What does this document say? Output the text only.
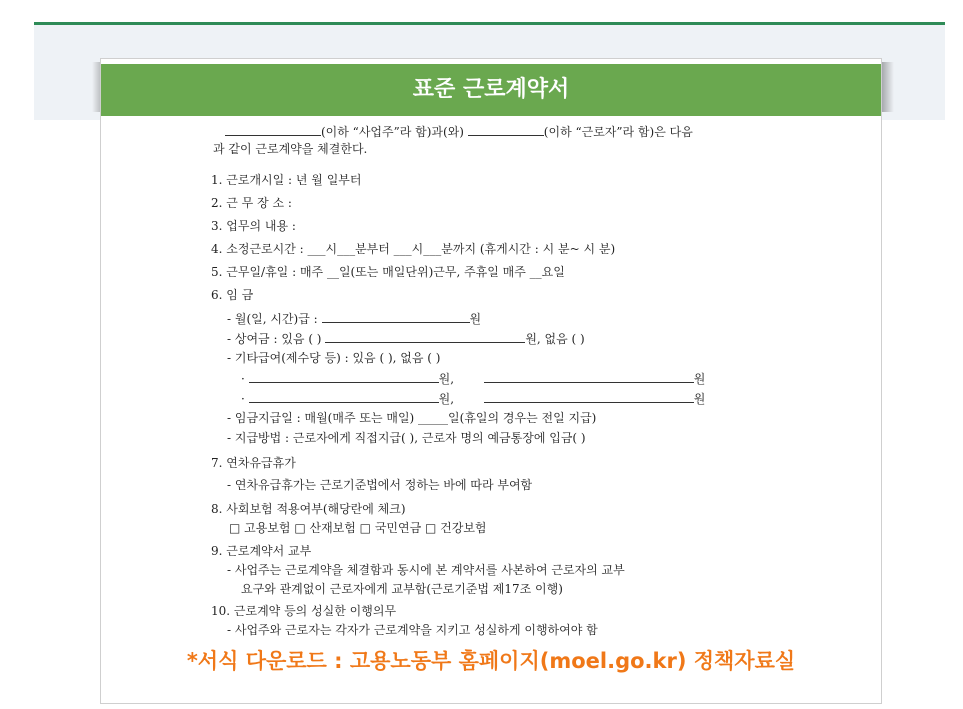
표준 근로계약서
(이하 “사업주”라 함)과(와)	(이하 “근로자”라 함)은 다음
과 같이 근로계약을 체결한다.
1. 근로개시일 : 년 월 일부터
2. 근 무 장 소 :
3. 업무의 내용 :
4. 소정근로시간 : ___시___분부터 ___시___분까지 (휴게시간 : 시 분~ 시 분)
5. 근무일/휴일 : 매주 __일(또는 매일단위)근무, 주휴일 매주 __요일
6. 임 금
- 월(일, 시간)급 :	원
- 상여금 : 있음 ( )	원, 없음 ( )
- 기타급여(제수당 등) : 있음 ( ), 없음 ( )
·	원,	원
·	원,	원
- 임금지급일 : 매월(매주 또는 매일) _____일(휴일의 경우는 전일 지급)
- 지급방법 : 근로자에게 직접지급( ), 근로자 명의 예금통장에 입금( )
7. 연차유급휴가
- 연차유급휴가는 근로기준법에서 정하는 바에 따라 부여함
8. 사회보험 적용여부(해당란에 체크)
□ 고용보험 □ 산재보험 □ 국민연금 □ 건강보험
9. 근로계약서 교부
- 사업주는 근로계약을 체결함과 동시에 본 계약서를 사본하여 근로자의 교부
요구와 관계없이 근로자에게 교부함(근로기준법 제17조 이행)
10. 근로계약 등의 성실한 이행의무
- 사업주와 근로자는 각자가 근로계약을 지키고 성실하게 이행하여야 함
*서식 다운로드 : 고용노동부 홈페이지(moel.go.kr) 정책자료실
